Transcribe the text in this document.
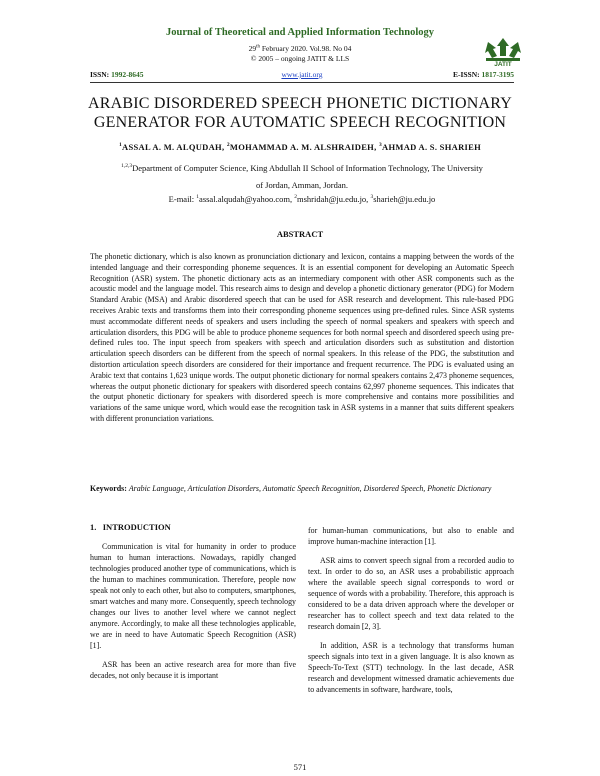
Journal of Theoretical and Applied Information Technology
29th February 2020. Vol.98. No 04
© 2005 – ongoing JATIT & LLS
JATIT
www.jatit.org
ISSN: 1992-8645	E-ISSN: 1817-3195
ARABIC DISORDERED SPEECH PHONETIC DICTIONARY
GENERATOR FOR AUTOMATIC SPEECH RECOGNITION
$^1$ASSAL A. M. ALQUDAH, $^2$MOHAMMAD A. M. ALSHRAIDEH, $^3$AHMAD A. S. SHARIEH
$^{1,2,3}$Department of Computer Science, King Abdullah II School of Information Technology, The University
of Jordan, Amman, Jordan.
E-mail: $^1$assal.alqudah@yahoo.com, $^2$mshridah@ju.edu.jo, $^3$sharieh@ju.edu.jo
ABSTRACT
The phonetic dictionary, which is also known as pronunciation dictionary and lexicon, contains a mapping between the words of the intended language and their corresponding phoneme sequences. It is an essential component for developing an Automatic Speech Recognition (ASR) system. The phonetic dictionary acts as an intermediary component with other ASR components such as the acoustic model and the language model. This research aims to design and develop a phonetic dictionary generator (PDG) for Modern Standard Arabic (MSA) and Arabic disordered speech that can be used for ASR research and development. This rule-based PDG receives Arabic texts and transforms them into their corresponding phoneme sequences using pre-defined rules. Since ASR systems must accommodate different needs of speakers and users including the speech of normal speakers and speakers with speech and articulation disorders, this PDG will be able to produce phoneme sequences for both normal speech and disordered speech using pre-defined rules too. The input speech from speakers with speech and articulation disorders such as substitution and distortion articulation speech disorders can be different from the speech of normal speakers. In this release of the PDG, the substitution and distortion articulation speech disorders are considered for their importance and frequent recurrence. The PDG is evaluated using an Arabic text that contains 1,623 unique words. The output phonetic dictionary for normal speakers contains 2,473 phoneme sequences, whereas the output phonetic dictionary for speakers with disordered speech contains 62,997 phoneme sequences. This indicates that the output phonetic dictionary for speakers with disordered speech is more comprehensive and contains more possibilities and variations of the same unique word, which would ease the recognition task in ASR systems in a manner that suits different speakers with different pronunciation variations.
Keywords: Arabic Language, Articulation Disorders, Automatic Speech Recognition, Disordered Speech, Phonetic Dictionary
1.   INTRODUCTION

Communication is vital for humanity in order to produce human to human interactions. Nowadays, rapidly changed technologies produced another type of communications, which is the human to machines communication. Therefore, people now speak not only to each other, but also to computers, smartphones, smart watches and many more. Consequently, speech technology changes our lives to another level where we cannot neglect anymore. Accordingly, to make all these technologies applicable, we are in need to have Automatic Speech Recognition (ASR) [1].

ASR has been an active research area for more than five decades, not only because it is important

for human-human communications, but also to enable and improve human-machine interaction [1].

ASR aims to convert speech signal from a recorded audio to text. In order to do so, an ASR uses a probabilistic approach where the available speech signal corresponds to word or sequence of words with a probability. Therefore, this approach is considered to be a data driven approach where the developer or researcher has to collect speech and text data related to the research domain [2, 3].

In addition, ASR is a technology that transforms human speech signals into text in a given language. It is also known as Speech-To-Text (STT) technology. In the last decade, ASR research and development witnessed dramatic achievements due to advancements in software, hardware, tools,

571
